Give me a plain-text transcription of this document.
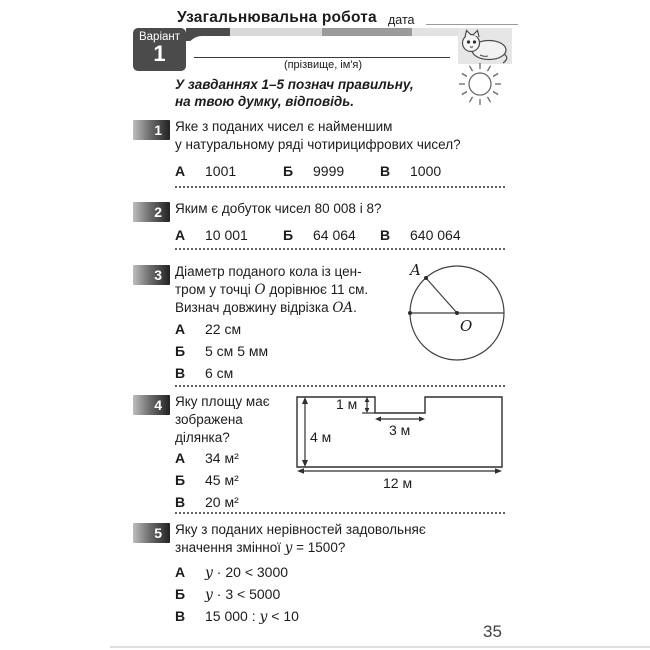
Узагальнювальна робота дата
Варіант
1	(прізвище, ім'я)
У завданнях 1–5 познач правильну,
на твою думку, відповідь.
1 Яке з поданих чисел є найменшим
у натуральному ряді чотирицифрових чисел?
А 1001	Б 9999	В 1000
2 Яким є добуток чисел 80 008 і 8?
А 10 001	Б 64 064 В 640 064
3 Діаметр поданого кола із цен-
тром у точці O дорівнює 11 см.
Визнач довжину відрізка OA.
А 22 см
Б 5 см 5 мм
В 6 см
A
O
4 Яку площу має
зображена
ділянка?
А 34 м²
Б 45 м²
В 20 м²
4 м
1 м
3 м
12 м
5 Яку з поданих нерівностей задовольняє
значення змінної y = 1500?
А y · 20 < 3000
Б y · 3 < 5000
В 15 000 : y < 10
35
